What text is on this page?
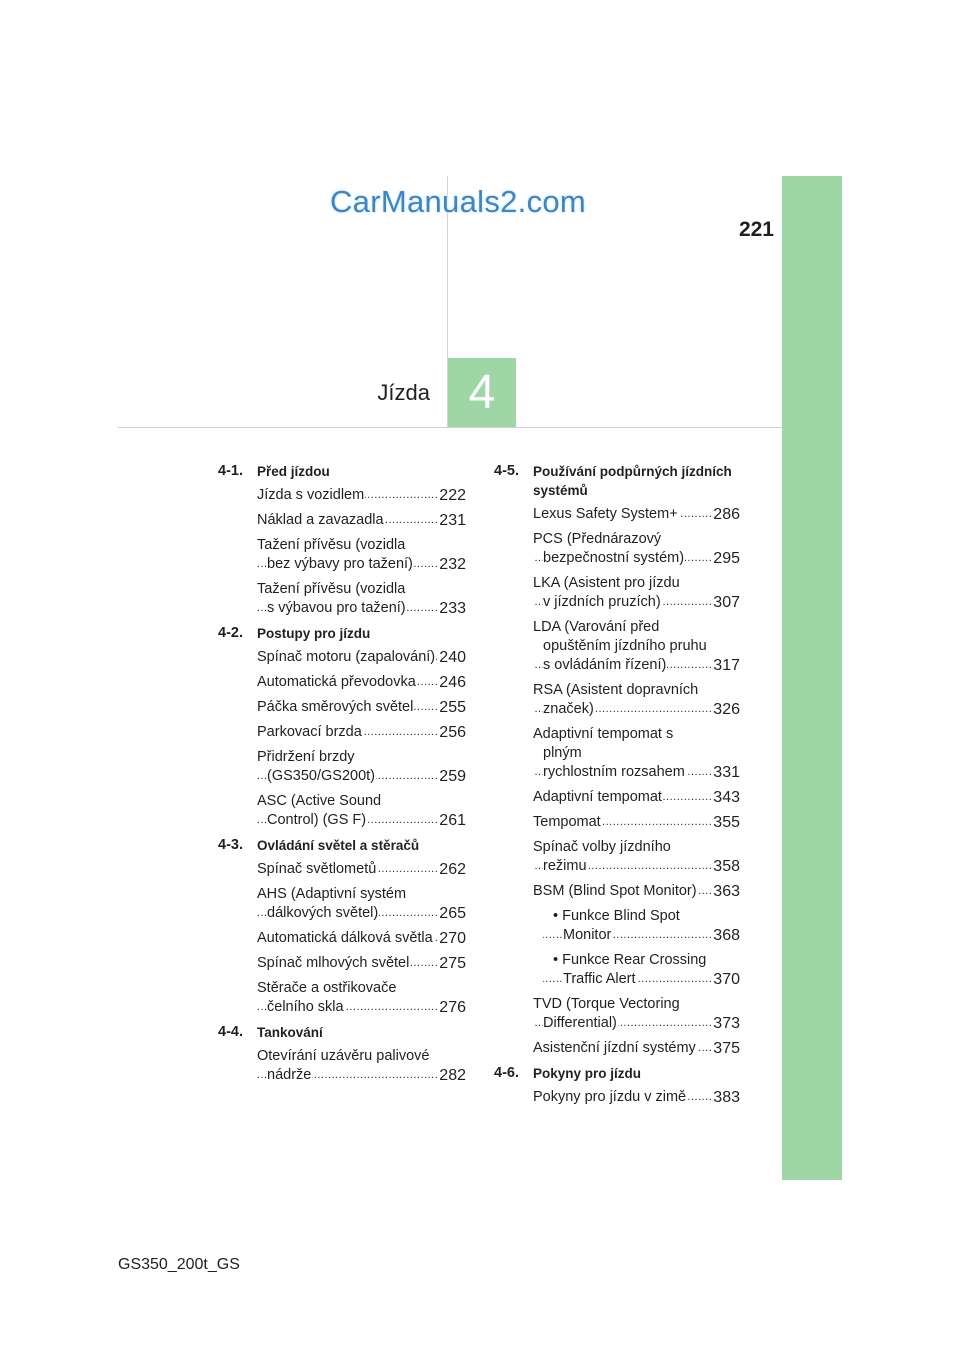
CarManuals2.com
221
Jízda 4
4-1.	Před jízdou
Jízda s vozidlem .....	222
Náklad a zavazadla .....	231
Tažení přívěsu (vozidla
bez výbavy pro tažení) .....	232
Tažení přívěsu (vozidla
s výbavou pro tažení) .....	233
4-2.	Postupy pro jízdu
Spínač motoru (zapalování) ..... 240
Automatická převodovka .....	246
Páčka směrových světel .....	255
Parkovací brzda .....	256
Přidržení brzdy
(GS350/GS200t) .....	259
ASC (Active Sound
Control) (GS F) .....	261
4-3.	Ovládání světel a stěračů
Spínač světlometů .....	262
AHS (Adaptivní systém
dálkových světel) .....	265
Automatická dálková světla ..... 270
Spínač mlhových světel .....	275
Stěrače a ostřikovače
čelního skla .....	276
4-4.	Tankování
Otevírání uzávěru palivové
nádrže .....	282
4-5.	Používání podpůrných jízdních systémů
Lexus Safety System+ .....	286
PCS (Přednárazový
bezpečnostní systém) .....	295
LKA (Asistent pro jízdu
v jízdních pruzích) .....	307
LDA (Varování před
opuštěním jízdního pruhu
s ovládáním řízení) .....	317
RSA (Asistent dopravních
značek) .....	326
Adaptivní tempomat s plným
rychlostním rozsahem .....	331
Adaptivní tempomat .....	343
Tempomat .....	355
Spínač volby jízdního
režimu .....	358
BSM (Blind Spot Monitor) .....	363
• Funkce Blind Spot
Monitor .....	368
• Funkce Rear Crossing
Traffic Alert .....	370
TVD (Torque Vectoring
Differential) .....	373
Asistenční jízdní systémy .....	375
4-6.	Pokyny pro jízdu
Pokyny pro jízdu v zimě .....	383
GS350_200t_GS
